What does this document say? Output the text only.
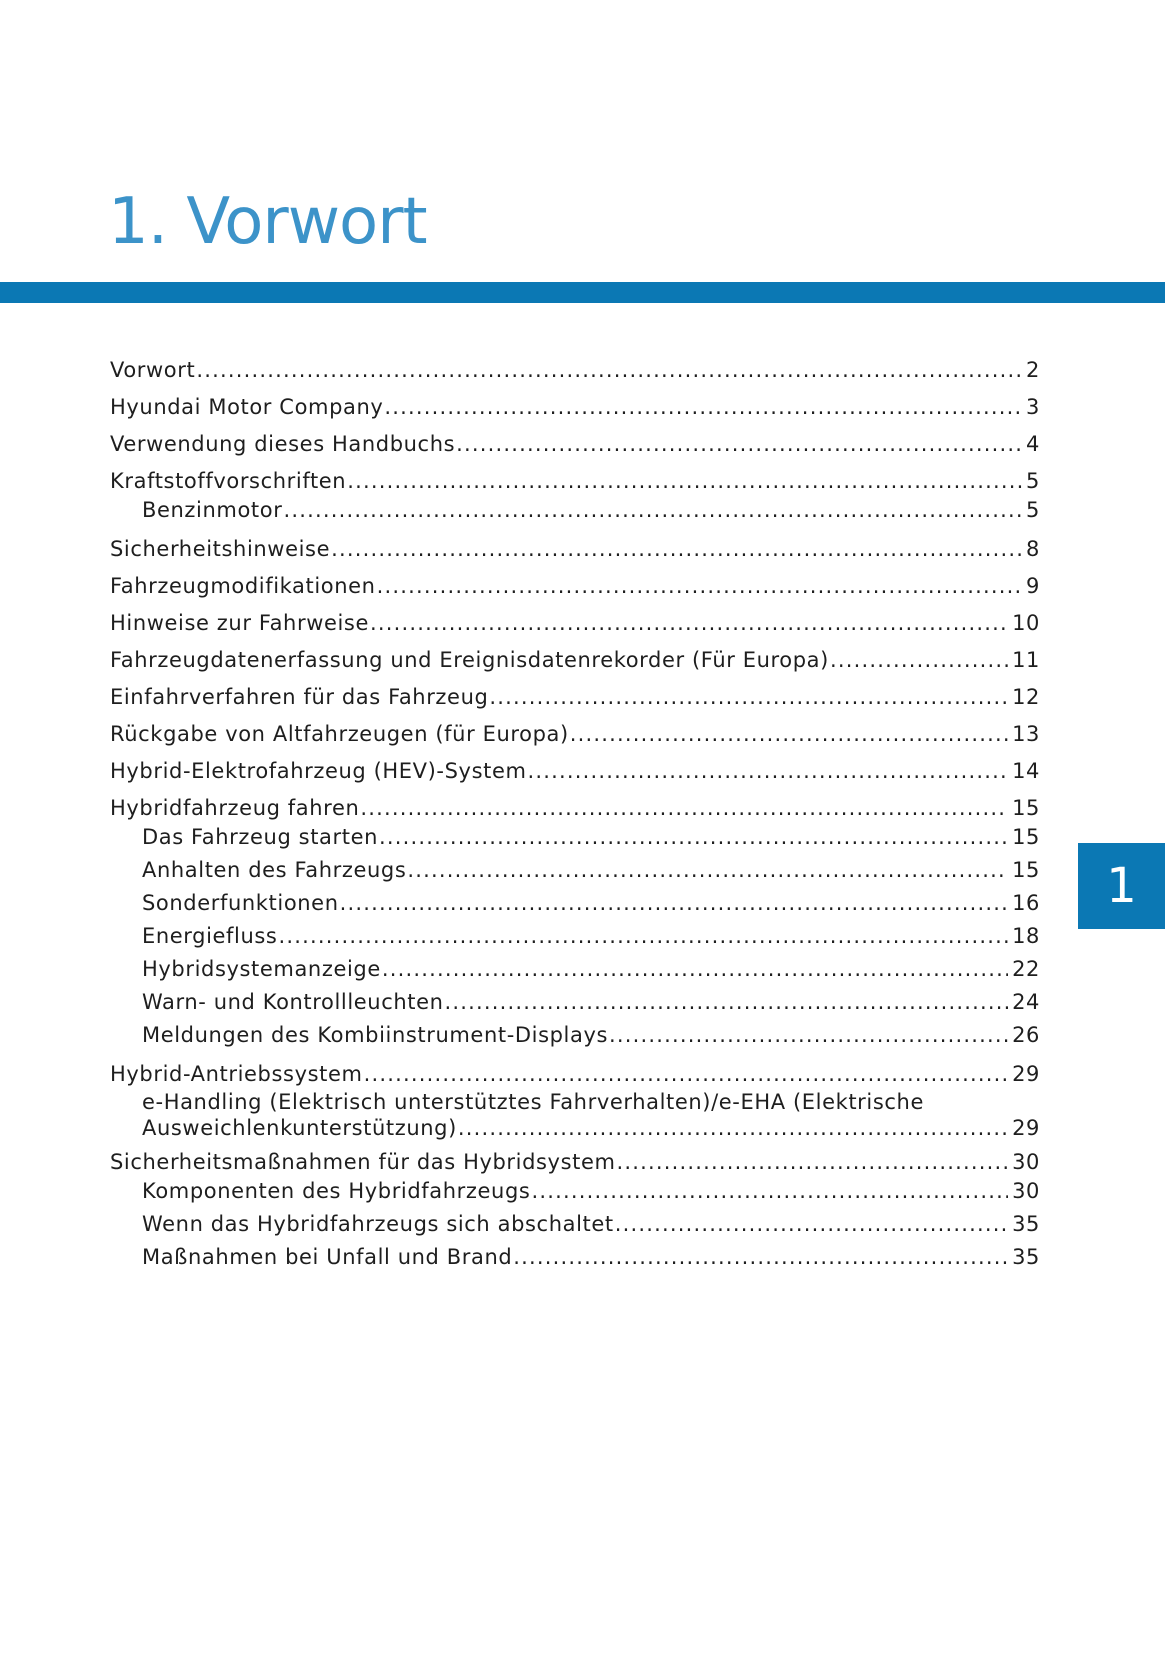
1. Vorwort
Vorwort .....	2
Hyundai Motor Company .....	3
Verwendung dieses Handbuchs .....	4
Kraftstoffvorschriften .....	5
Benzinmotor .....	5
Sicherheitshinweise .....	8
Fahrzeugmodifikationen .....	9
Hinweise zur Fahrweise .....	10
Fahrzeugdatenerfassung und Ereignisdatenrekorder (Für Europa) .....	11
Einfahrverfahren für das Fahrzeug .....	12
Rückgabe von Altfahrzeugen (für Europa) .....	13
Hybrid-Elektrofahrzeug (HEV)-System .....	14
Hybridfahrzeug fahren .....	15
Das Fahrzeug starten .....	15
Anhalten des Fahrzeugs .....	15
Sonderfunktionen .....	16
Energiefluss .....	18
Hybridsystemanzeige .....	22
Warn- und Kontrollleuchten .....	24
Meldungen des Kombiinstrument-Displays .....	26
Hybrid-Antriebssystem .....	29
e-Handling (Elektrisch unterstütztes Fahrverhalten)/e-EHA (Elektrische
Ausweichlenkunterstützung) .....	29
Sicherheitsmaßnahmen für das Hybridsystem .....	30
Komponenten des Hybridfahrzeugs .....	30
Wenn das Hybridfahrzeugs sich abschaltet .....	35
Maßnahmen bei Unfall und Brand .....	35
1
